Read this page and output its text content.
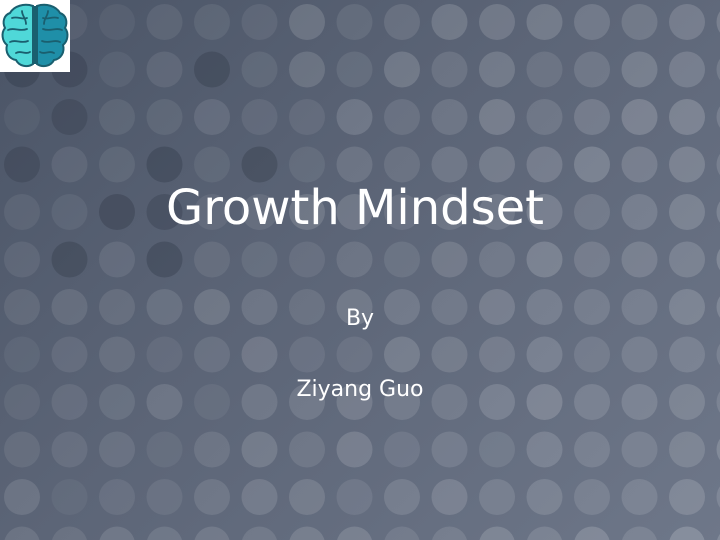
Growth Mindset
By
Ziyang Guo
